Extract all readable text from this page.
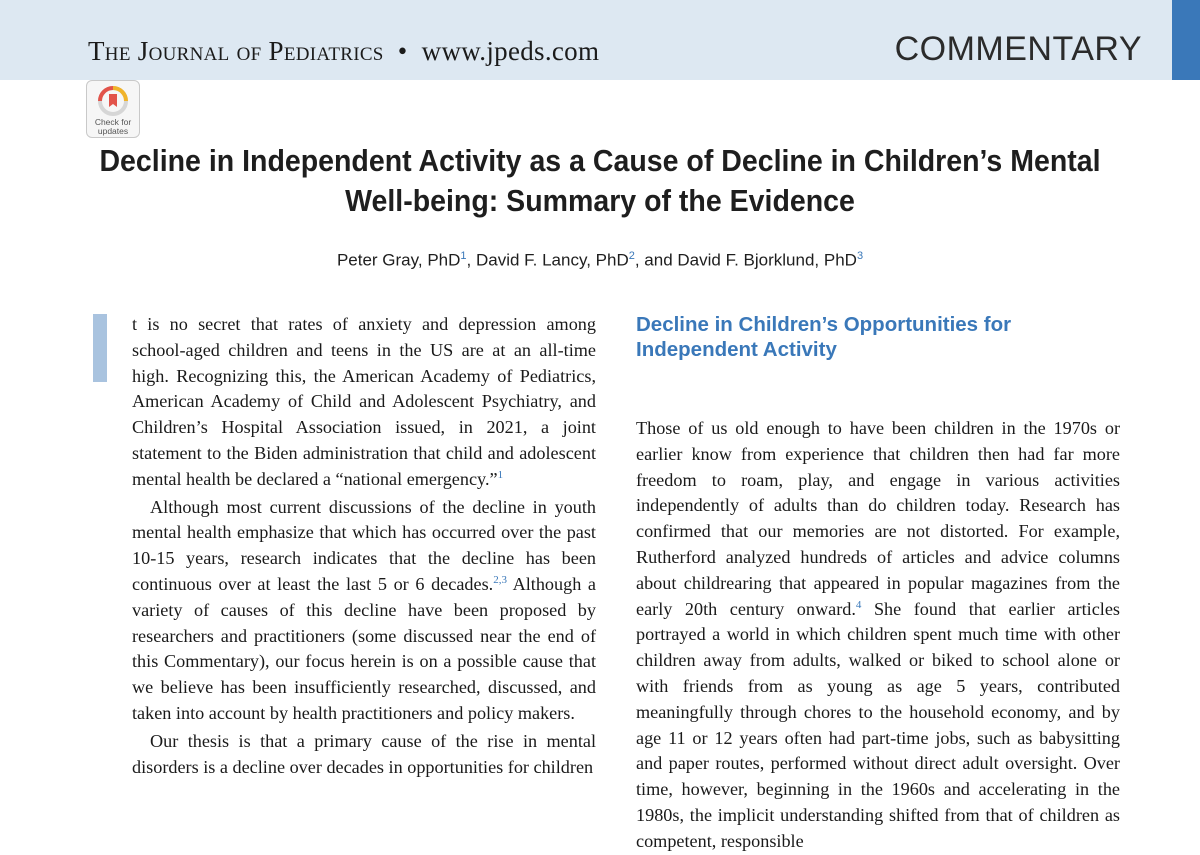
The Journal of Pediatrics • www.jpeds.com	COMMENTARY
Check for updates
Decline in Independent Activity as a Cause of Decline in Children’s Mental
Well-being: Summary of the Evidence
Peter Gray, PhD$^1$, David F. Lancy, PhD$^2$, and David F. Bjorklund, PhD$^3$

t is no secret that rates of anxiety and depression among school-aged children and teens in the US are at an all-time high. Recognizing this, the American Academy of Pediatrics, American Academy of Child and Adolescent Psychiatry, and Children’s Hospital Association issued, in 2021, a joint statement to the Biden administration that child and adolescent mental health be declared a “national emergency.”$^1$

Although most current discussions of the decline in youth mental health emphasize that which has occurred over the past 10-15 years, research indicates that the decline has been continuous over at least the last 5 or 6 decades.$^{2,3}$ Although a variety of causes of this decline have been proposed by researchers and practitioners (some discussed near the end of this Commentary), our focus herein is on a possible cause that we believe has been insufficiently researched, discussed, and taken into account by health practitioners and policy makers.

Our thesis is that a primary cause of the rise in mental disorders is a decline over decades in opportunities for children

Decline in Children’s Opportunities for
Independent Activity

Those of us old enough to have been children in the 1970s or earlier know from experience that children then had far more freedom to roam, play, and engage in various activities independently of adults than do children today. Research has confirmed that our memories are not distorted. For example, Rutherford analyzed hundreds of articles and advice columns about childrearing that appeared in popular magazines from the early 20th century onward.$^4$ She found that earlier articles portrayed a world in which children spent much time with other children away from adults, walked or biked to school alone or with friends from as young as age 5 years, contributed meaningfully through chores to the household economy, and by age 11 or 12 years often had part-time jobs, such as babysitting and paper routes, performed without direct adult oversight. Over time, however, beginning in the 1960s and accelerating in the 1980s, the implicit understanding shifted from that of children as competent, responsible
